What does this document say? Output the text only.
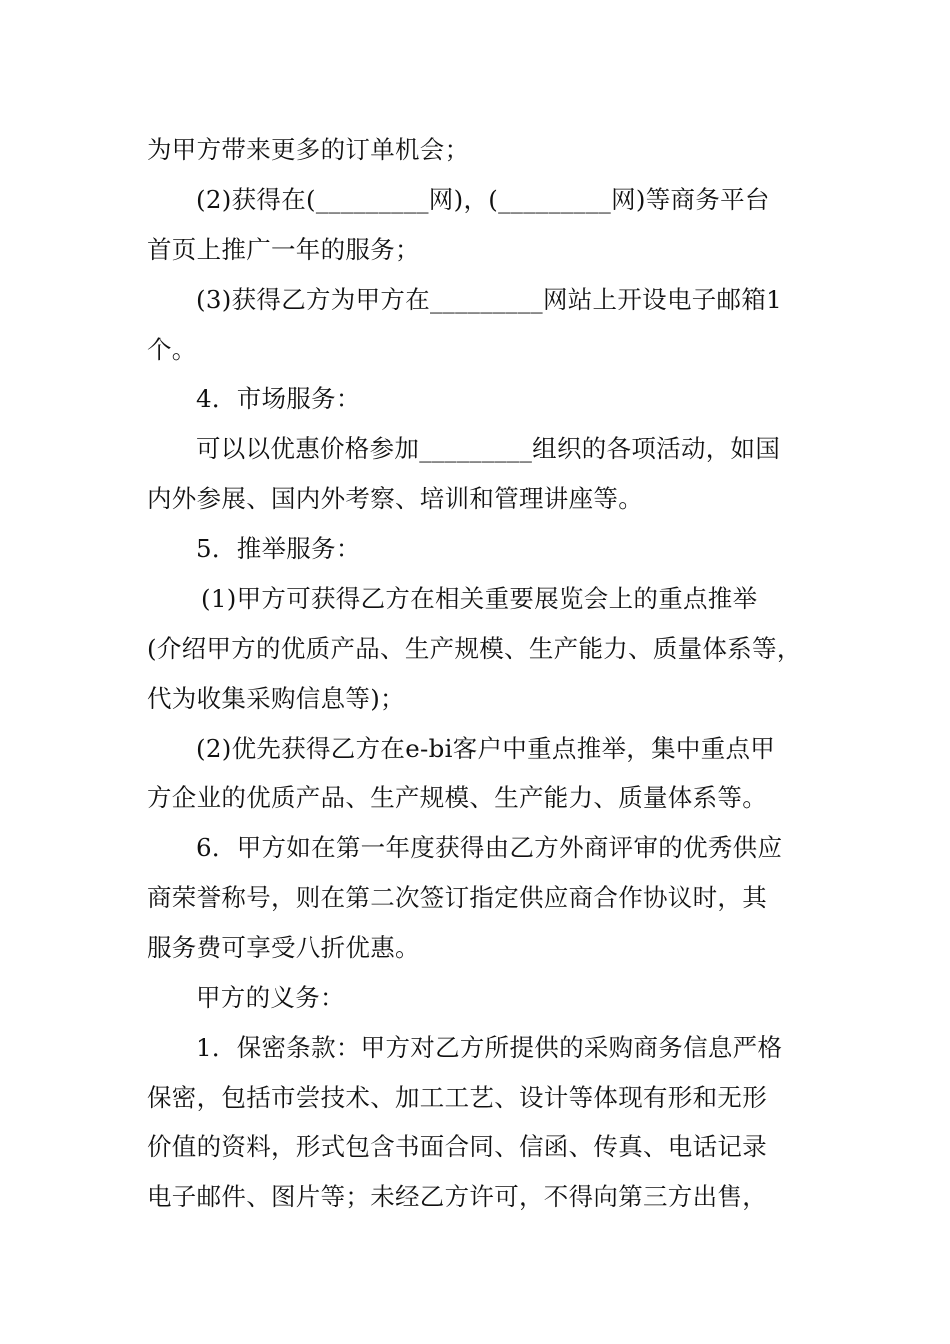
为甲方带来更多的订单机会；

(2)获得在(_________网)，(_________网)等商务平台

首页上推广一年的服务；

(3)获得乙方为甲方在_________网站上开设电子邮箱1

个。

4．市场服务：

可以以优惠价格参加_________组织的各项活动，如国

内外参展、国内外考察、培训和管理讲座等。

5．推举服务：

(1)甲方可获得乙方在相关重要展览会上的重点推举

(介绍甲方的优质产品、生产规模、生产能力、质量体系等，

代为收集采购信息等)；

(2)优先获得乙方在e-bi客户中重点推举，集中重点甲

方企业的优质产品、生产规模、生产能力、质量体系等。

6．甲方如在第一年度获得由乙方外商评审的优秀供应

商荣誉称号，则在第二次签订指定供应商合作协议时，其

服务费可享受八折优惠。

甲方的义务：

1．保密条款：甲方对乙方所提供的采购商务信息严格

保密，包括市尝技术、加工工艺、设计等体现有形和无形

价值的资料，形式包含书面合同、信函、传真、电话记录

电子邮件、图片等；未经乙方许可，不得向第三方出售，
